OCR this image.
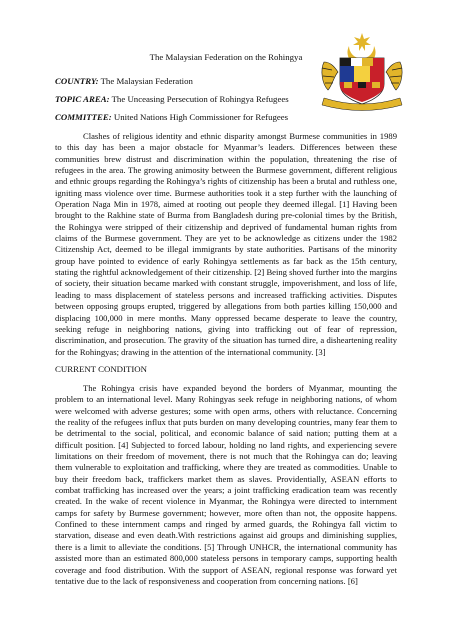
The Malaysian Federation on the Rohingya
COUNTRY: The Malaysian Federation
TOPIC AREA: The Unceasing Persecution of Rohingya Refugees
COMMITTEE: United Nations High Commissioner for Refugees

Clashes of religious identity and ethnic disparity amongst Burmese communities in 1989 to this day has been a major obstacle for Myanmar’s leaders. Differences between these communities brew distrust and discrimination within the population, threatening the rise of refugees in the area. The growing animosity between the Burmese government, different religious and ethnic groups regarding the Rohingya’s rights of citizenship has been a brutal and ruthless one, igniting mass violence over time. Burmese authorities took it a step further with the launching of Operation Naga Min in 1978, aimed at rooting out people they deemed illegal. [1] Having been brought to the Rakhine state of Burma from Bangladesh during pre-colonial times by the British, the Rohingya were stripped of their citizenship and deprived of fundamental human rights from claims of the Burmese government. They are yet to be acknowledge as citizens under the 1982 Citizenship Act, deemed to be illegal immigrants by state authorities. Partisans of the minority group have pointed to evidence of early Rohingya settlements as far back as the 15th century, stating the rightful acknowledgement of their citizenship. [2] Being shoved further into the margins of society, their situation became marked with constant struggle, impoverishment, and loss of life, leading to mass displacement of stateless persons and increased trafficking activities. Disputes between opposing groups erupted, triggered by allegations from both parties killing 150,000 and displacing 100,000 in mere months. Many oppressed became desperate to leave the country, seeking refuge in neighboring nations, giving into trafficking out of fear of repression, discrimination, and prosecution. The gravity of the situation has turned dire, a disheartening reality for the Rohingyas; drawing in the attention of the international community. [3]

CURRENT CONDITION

The Rohingya crisis have expanded beyond the borders of Myanmar, mounting the problem to an international level. Many Rohingyas seek refuge in neighboring nations, of whom were welcomed with adverse gestures; some with open arms, others with reluctance. Concerning the reality of the refugees influx that puts burden on many developing countries, many fear them to be detrimental to the social, political, and economic balance of said nation; putting them at a difficult position. [4] Subjected to forced labour, holding no land rights, and experiencing severe limitations on their freedom of movement, there is not much that the Rohingya can do; leaving them vulnerable to exploitation and trafficking, where they are treated as commodities. Unable to buy their freedom back, traffickers market them as slaves. Providentially, ASEAN efforts to combat trafficking has increased over the years; a joint trafficking eradication team was recently created. In the wake of recent violence in Myanmar, the Rohingya were directed to internment camps for safety by Burmese government; however, more often than not, the opposite happens. Confined to these internment camps and ringed by armed guards, the Rohingya fall victim to starvation, disease and even death.With restrictions against aid groups and diminishing supplies, there is a limit to alleviate the conditions. [5] Through UNHCR, the international community has assisted more than an estimated 800,000 stateless persons in temporary camps, supporting health coverage and food distribution. With the support of ASEAN, regional response was forward yet tentative due to the lack of responsiveness and cooperation from concerning nations. [6]
